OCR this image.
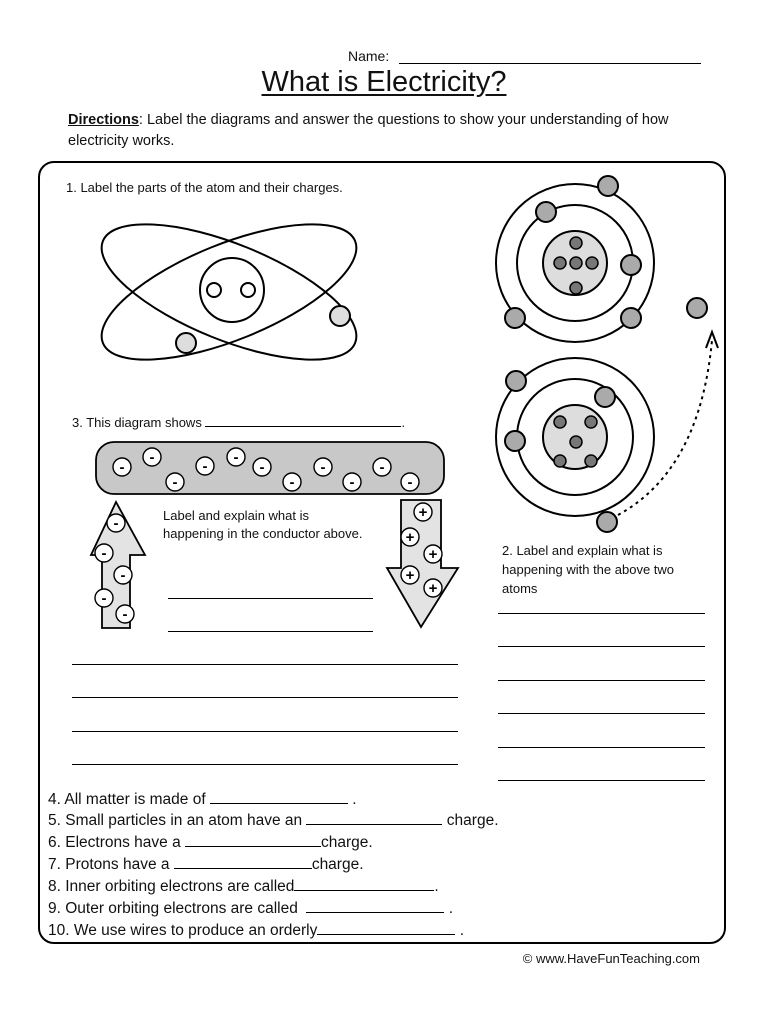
Name:
What is Electricity?
Directions: Label the diagrams and answer the questions to show your understanding of how electricity works.
-
-
-
-
-
-
-
-
-
-
-
-
-
-
-
-
+
+
+
+
+
1. Label the parts of the atom and their charges.
2. Label and explain what is happening with the above two atoms
3. This diagram shows	.
Label and explain what is happening in the conductor above.
4. All matter is made of	.
5. Small particles in an atom have an	charge.
6. Electrons have a	charge.
7. Protons have a	charge.
8. Inner orbiting electrons are called	.
9. Outer orbiting electrons are called	.
10. We use wires to produce an orderly	.
© www.HaveFunTeaching.com
